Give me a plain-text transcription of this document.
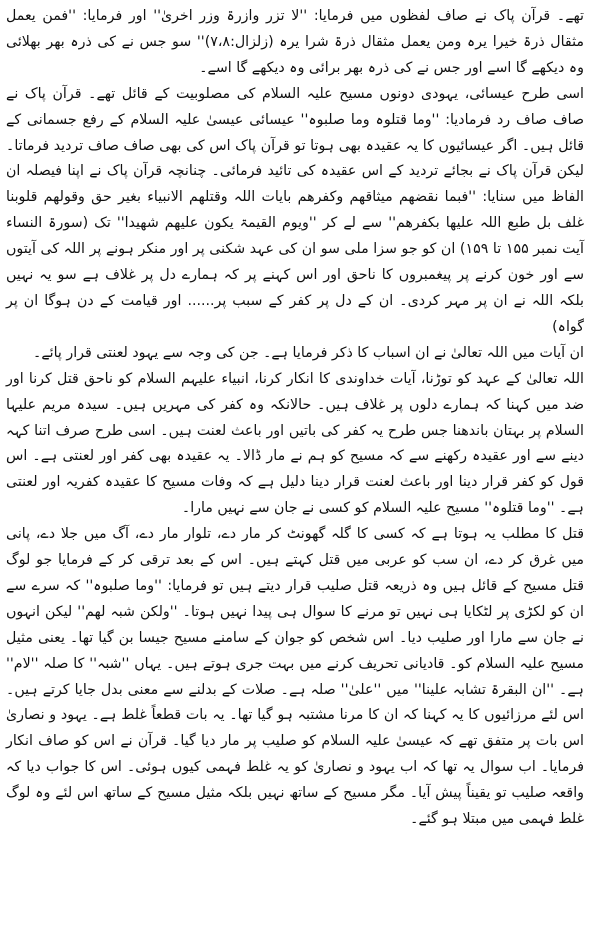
تھے۔ قرآن پاک نے صاف لفظوں میں فرمایا: ''لا تزر وازرۃ وزر اخریٰ'' اور فرمایا: ''فمن یعمل مثقال ذرۃ خیرا یرہ ومن یعمل مثقال ذرۃ شرا یرہ (زلزال:۷،۸)'' سو جس نے کی ذرہ بھر بھلائی وہ دیکھے گا اسے اور جس نے کی ذرہ بھر برائی وہ دیکھے گا اسے۔

اسی طرح عیسائی، یہودی دونوں مسیح علیہ السلام کی مصلوبیت کے قائل تھے۔ قرآن پاک نے صاف صاف رد فرمادیا: ''وما قتلوہ وما صلبوہ'' عیسائی عیسیٰ علیہ السلام کے رفع جسمانی کے قائل ہیں۔ اگر عیسائیوں کا یہ عقیدہ بھی ہوتا تو قرآن پاک اس کی بھی صاف صاف تردید فرماتا۔ لیکن قرآن پاک نے بجائے تردید کے اس عقیدہ کی تائید فرمائی۔ چنانچہ قرآن پاک نے اپنا فیصلہ ان الفاظ میں سنایا: ''فبما نقضھم میثاقھم وکفرھم بایات اللہ وقتلھم الانبیاء بغیر حق وقولھم قلوبنا غلف بل طبع اللہ علیھا بکفرھم'' سے لے کر ''ویوم القیمۃ یکون علیھم شھیدا'' تک (سورۃ النساء آیت نمبر ۱۵۵ تا ۱۵۹) ان کو جو سزا ملی سو ان کی عہد شکنی پر اور منکر ہونے پر اللہ کی آیتوں سے اور خون کرنے پر پیغمبروں کا ناحق اور اس کہنے پر کہ ہمارے دل پر غلاف ہے سو یہ نہیں بلکہ اللہ نے ان پر مہر کردی۔ ان کے دل پر کفر کے سبب پر...... اور قیامت کے دن ہوگا ان پر گواہ)

ان آیات میں اللہ تعالیٰ نے ان اسباب کا ذکر فرمایا ہے۔ جن کی وجہ سے یہود لعنتی قرار پائے۔

اللہ تعالیٰ کے عہد کو توڑنا، آیات خداوندی کا انکار کرنا، انبیاء علیہم السلام کو ناحق قتل کرنا اور ضد میں کہنا کہ ہمارے دلوں پر غلاف ہیں۔ حالانکہ وہ کفر کی مہریں ہیں۔ سیدہ مریم علیہا السلام پر بہتان باندھنا جس طرح یہ کفر کی باتیں اور باعث لعنت ہیں۔ اسی طرح صرف اتنا کہہ دینے سے اور عقیدہ رکھنے سے کہ مسیح کو ہم نے مار ڈالا۔ یہ عقیدہ بھی کفر اور لعنتی ہے۔ اس قول کو کفر قرار دینا اور باعث لعنت قرار دینا دلیل ہے کہ وفات مسیح کا عقیدہ کفریہ اور لعنتی ہے۔ ''وما قتلوہ'' مسیح علیہ السلام کو کسی نے جان سے نہیں مارا۔

قتل کا مطلب یہ ہوتا ہے کہ کسی کا گلہ گھونٹ کر مار دے، تلوار مار دے، آگ میں جلا دے، پانی میں غرق کر دے، ان سب کو عربی میں قتل کہتے ہیں۔ اس کے بعد ترقی کر کے فرمایا جو لوگ قتل مسیح کے قائل ہیں وہ ذریعہ قتل صلیب قرار دیتے ہیں تو فرمایا: ''وما صلبوہ'' کہ سرے سے ان کو لکڑی پر لٹکایا ہی نہیں تو مرنے کا سوال ہی پیدا نہیں ہوتا۔ ''ولکن شبہ لھم'' لیکن انہوں نے جان سے مارا اور صلیب دیا۔ اس شخص کو جوان کے سامنے مسیح جیسا بن گیا تھا۔ یعنی مثیل مسیح علیہ السلام کو۔ قادیانی تحریف کرنے میں بہت جری ہوتے ہیں۔ یہاں ''شبہ'' کا صلہ ''لام'' ہے۔ ''ان البقرۃ تشابہ علینا'' میں ''علیٰ'' صلہ ہے۔ صلات کے بدلنے سے معنی بدل جایا کرتے ہیں۔ اس لئے مرزائیوں کا یہ کہنا کہ ان کا مرنا مشتبہ ہو گیا تھا۔ یہ بات قطعاً غلط ہے۔ یہود و نصاریٰ اس بات پر متفق تھے کہ عیسیٰ علیہ السلام کو صلیب پر مار دیا گیا۔ قرآن نے اس کو صاف انکار فرمایا۔ اب سوال یہ تھا کہ اب یہود و نصاریٰ کو یہ غلط فہمی کیوں ہوئی۔ اس کا جواب دیا کہ واقعہ صلیب تو یقیناً پیش آیا۔ مگر مسیح کے ساتھ نہیں بلکہ مثیل مسیح کے ساتھ اس لئے وہ لوگ غلط فہمی میں مبتلا ہو گئے۔
